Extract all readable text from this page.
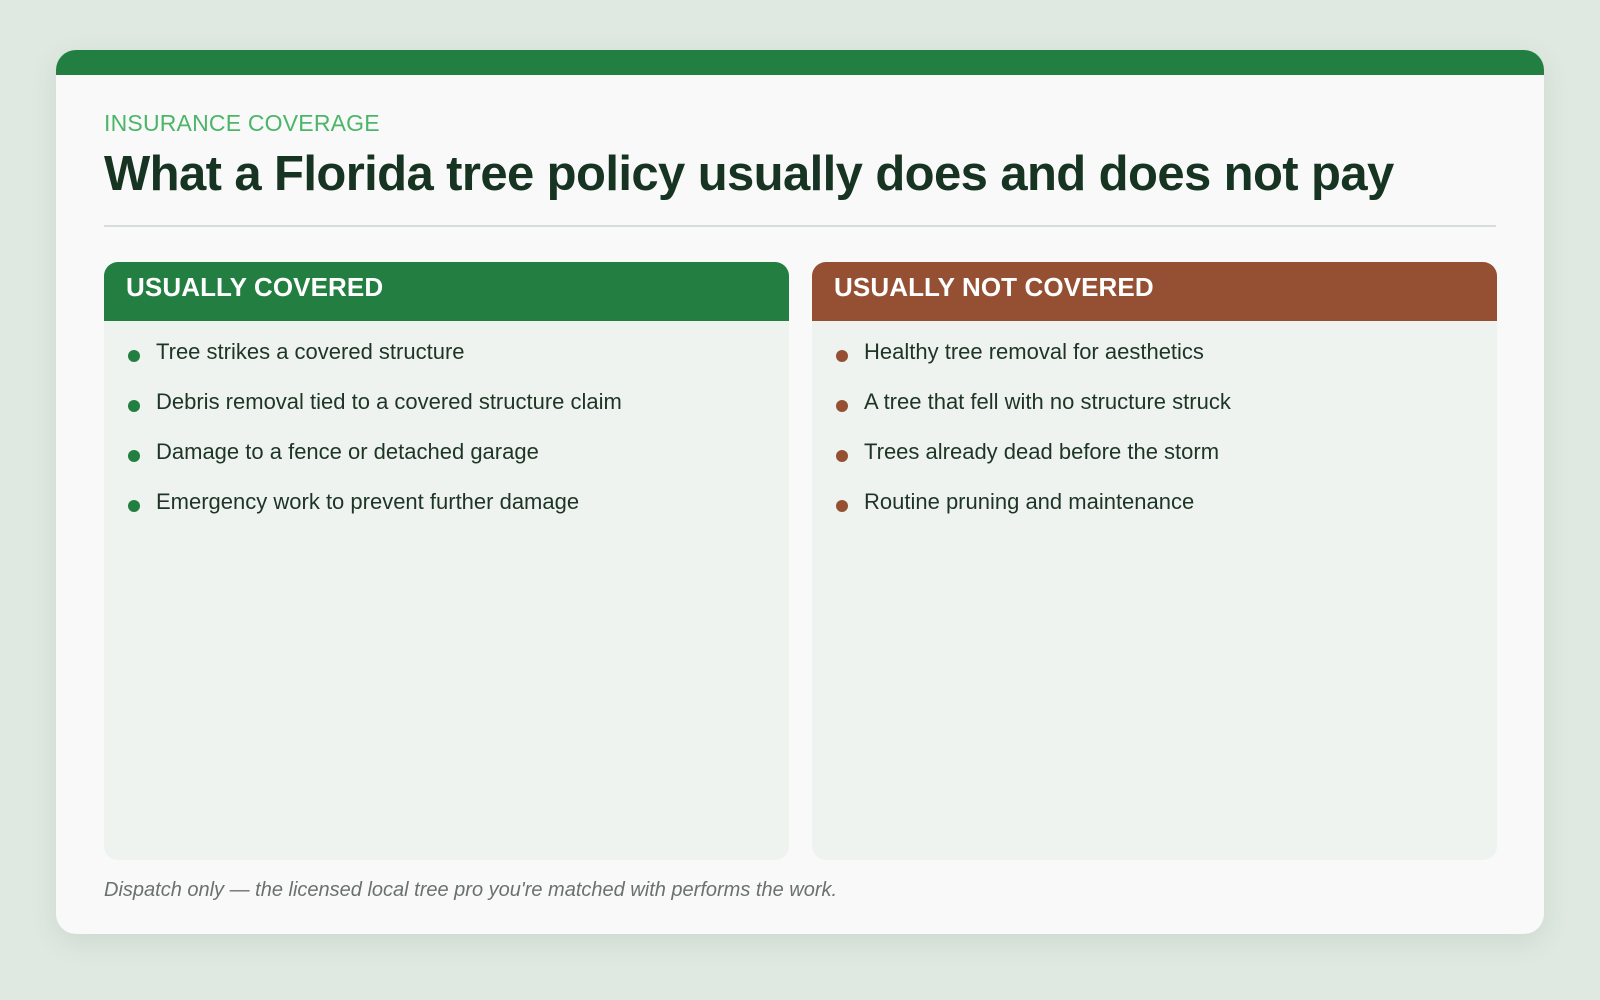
INSURANCE COVERAGE
What a Florida tree policy usually does and does not pay
USUALLY COVERED
Tree strikes a covered structure
Debris removal tied to a covered structure claim
Damage to a fence or detached garage
Emergency work to prevent further damage
USUALLY NOT COVERED
Healthy tree removal for aesthetics
A tree that fell with no structure struck
Trees already dead before the storm
Routine pruning and maintenance
Dispatch only — the licensed local tree pro you're matched with performs the work.
